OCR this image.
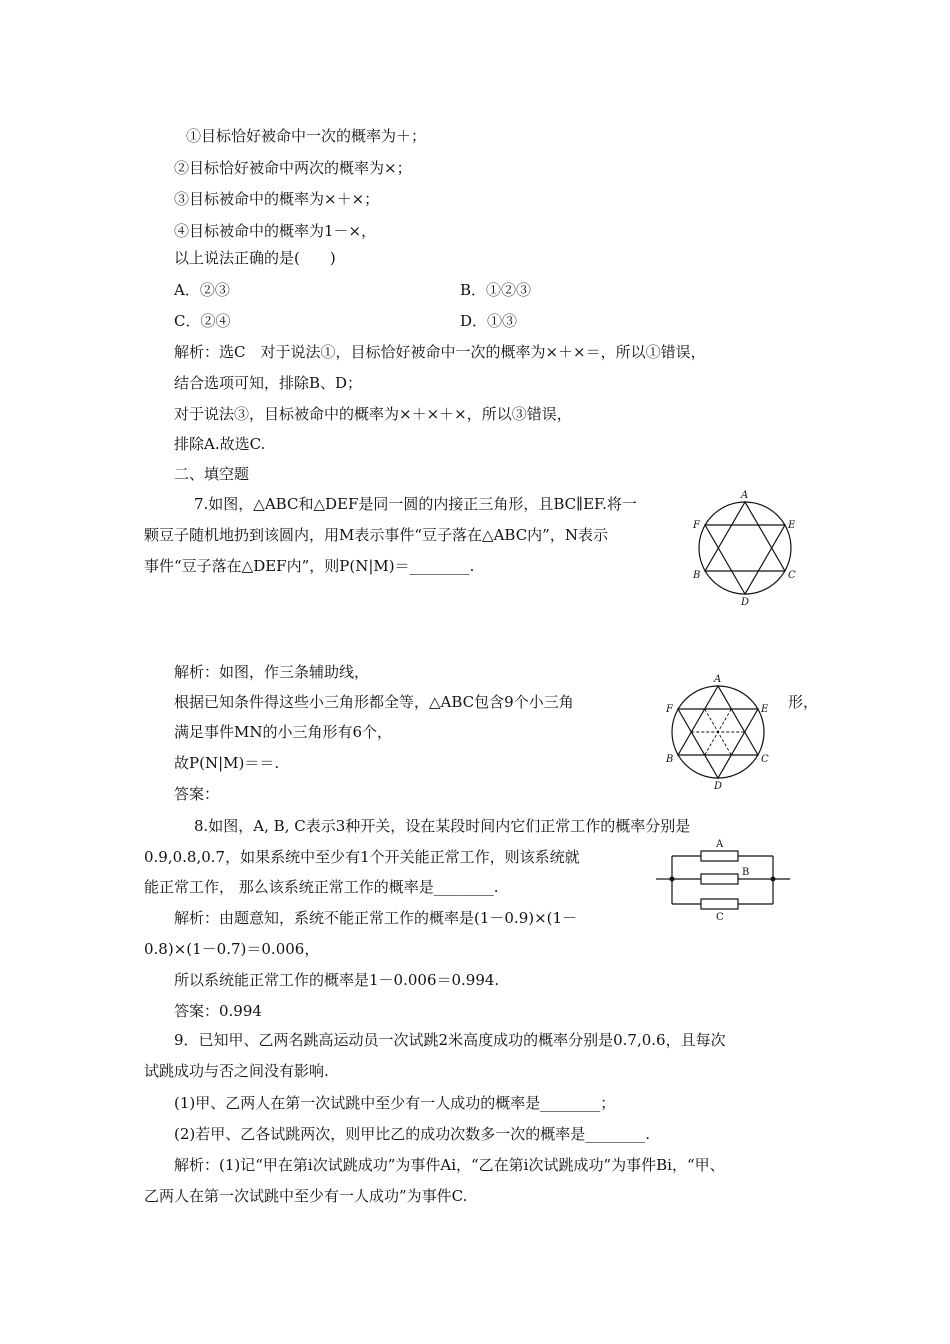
①目标恰好被命中一次的概率为＋；
②目标恰好被命中两次的概率为×；
③目标被命中的概率为×＋×；
④目标被命中的概率为1－×，
以上说法正确的是(　　)
A．②③	B．①②③
C．②④	D．①③
解析：选C　对于说法①，目标恰好被命中一次的概率为×＋×＝，所以①错误，
结合选项可知，排除B、D；
对于说法③，目标被命中的概率为×＋×＋×，所以③错误，
排除A.故选C.
二、填空题
7.如图，△ABC和△DEF是同一圆的内接正三角形，且BC∥EF.将一
颗豆子随机地扔到该圆内，用M表示事件“豆子落在△ABC内”，N表示
事件“豆子落在△DEF内”，则P(N|M)＝________.
解析：如图，作三条辅助线，
根据已知条件得这些小三角形都全等，△ABC包含9个小三角	形，
满足事件MN的小三角形有6个，
故P(N|M)＝＝.
答案：
8.如图，A, B, C表示3种开关，设在某段时间内它们正常工作的概率分别是
0.9,0.8,0.7，如果系统中至少有1个开关能正常工作，则该系统就
能正常工作， 那么该系统正常工作的概率是________.
解析：由题意知，系统不能正常工作的概率是(1－0.9)×(1－
0.8)×(1－0.7)＝0.006，
所以系统能正常工作的概率是1－0.006＝0.994.
答案：0.994
9．已知甲、乙两名跳高运动员一次试跳2米高度成功的概率分别是0.7,0.6，且每次
试跳成功与否之间没有影响.
(1)甲、乙两人在第一次试跳中至少有一人成功的概率是________；
(2)若甲、乙各试跳两次，则甲比乙的成功次数多一次的概率是________.
解析：(1)记“甲在第i次试跳成功”为事件Ai，“乙在第i次试跳成功”为事件Bi，“甲、
乙两人在第一次试跳中至少有一人成功”为事件C.
A
F	E
B	C
D
A
F	E
B	C
D
A
B
C
